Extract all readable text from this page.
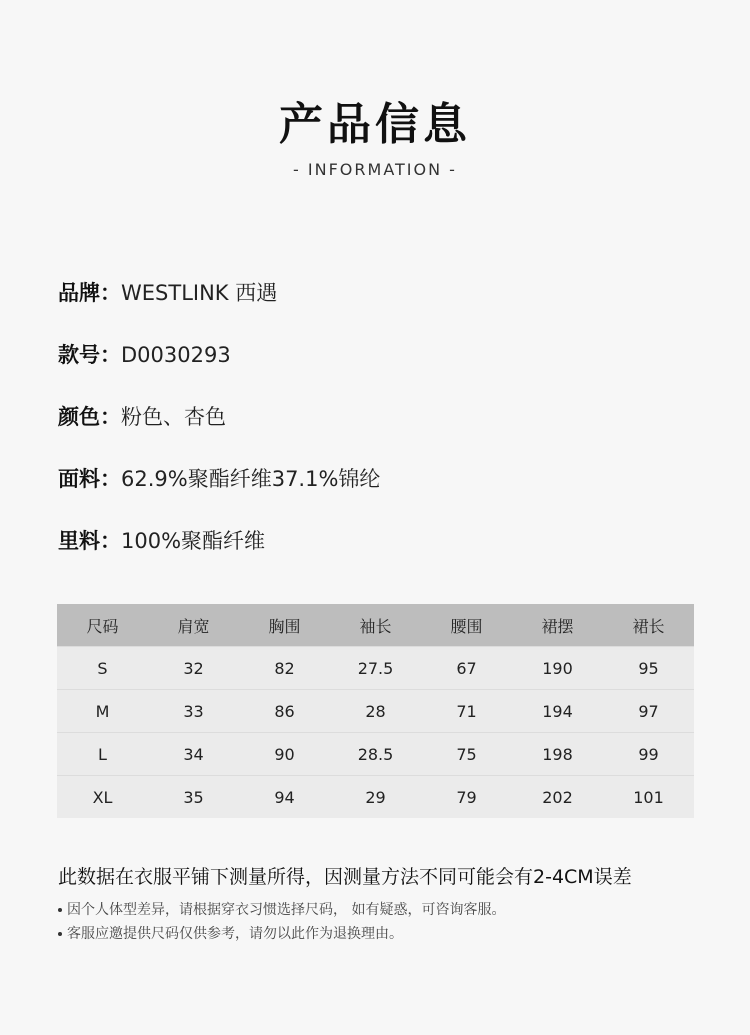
产品信息
- INFORMATION -
品牌：WESTLINK 西遇
款号：D0030293
颜色：粉色、杏色
面料：62.9%聚酯纤维37.1%锦纶
里料：100%聚酯纤维
尺码	肩宽	胸围	袖长	腰围	裙摆	裙长
S	32	82	27.5	67	190	95
M	33	86	28	71	194	97
L	34	90	28.5	75	198	99
XL	35	94	29	79	202	101
此数据在衣服平铺下测量所得，因测量方法不同可能会有2-4CM误差
因个人体型差异，请根据穿衣习惯选择尺码， 如有疑惑，可咨询客服。
客服应邀提供尺码仅供参考，请勿以此作为退换理由。
